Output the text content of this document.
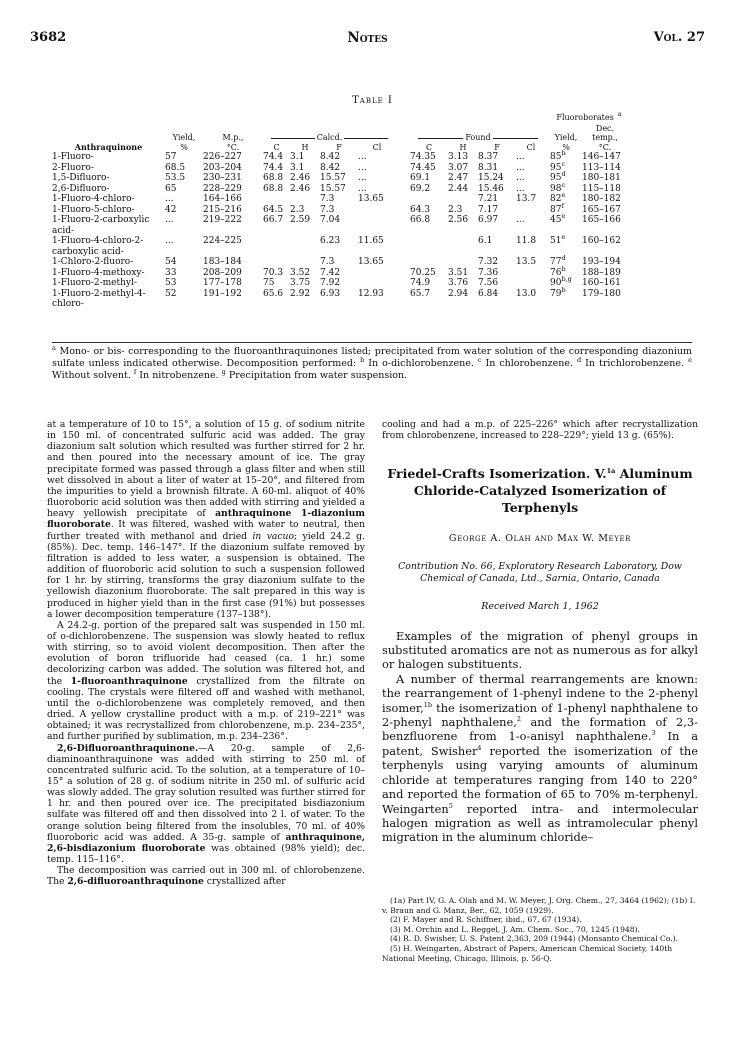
3682	Notes	Vol. 27
Table I

													Fluoroborates $^a$

														Dec.
	Yield,	M.p.,	Calcd.					Found					Yield,	temp.,
Anthraquinone	%	°C.	C	H	F	Cl		C	H	F	Cl		%	°C.
1-Fluoro-	57	226–227	74.4	3.1	8.42	...		74.35	3.13	8.37	...		85$^b$	146–147
2-Fluoro-	68.5	203–204	74.4	3.1	8.42	...		74.45	3.07	8.31	...		95$^c$	113–114
1,5-Difluoro-	53.5	230–231	68.8	2.46	15.57	...		69.1	2.47	15.24	...		95$^d$	180–181
2,6-Difluoro-	65	228–229	68.8	2.46	15.57	...		69.2	2.44	15.46	...		98$^c$	115–118
1-Fluoro-4-chloro-	...	164–166			7.3	13.65				7.21	13.7		82e	180–182
1-Fluoro-5-chloro-	42	215–216	64.5	2.3	7.3			64.3	2.3	7.17			87$^f$	165–167
1-Fluoro-2-carboxylic acid-	...	219–222	66.7	2.59	7.04			66.8	2.56	6.97	...		45e	165–166
1-Fluoro-4-chloro-2-carboxylic acid-	...	224–225			6.23	11.65				6.1	11.8		51e	160–162
1-Chloro-2-fluoro-	54	183–184			7.3	13.65				7.32	13.5		77$^d$	193–194
1-Fluoro-4-methoxy-	33	208–209	70.3	3.52	7.42			70.25	3.51	7.36			76$^b$	188–189
1-Fluoro-2-methyl-	53	177–178	75	3.75	7.92			74.9	3.76	7.56			90$^{b,g}$	160–161
1-Fluoro-2-methyl-4-chloro-	52	191–192	65.6	2.92	6.93	12.93		65.7	2.94	6.84	13.0		79$^b$	179–180
$^a$ Mono- or bis- corresponding to the fluoroanthraquinones listed; precipitated from water solution of the corresponding diazonium sulfate unless indicated otherwise. Decomposition performed: $^b$ In o-dichlorobenzene. $^c$ In chlorobenzene. $^d$ In trichlorobenzene. $^e$ Without solvent. $^f$ In nitrobenzene. $^g$ Precipitation from water suspension.

at a temperature of 10 to 15°, a solution of 15 g. of sodium nitrite in 150 ml. of concentrated sulfuric acid was added. The gray diazonium salt solution which resulted was further stirred for 2 hr. and then poured into the necessary amount of ice. The gray precipitate formed was passed through a glass filter and when still wet dissolved in about a liter of water at 15–20°, and filtered from the impurities to yield a brownish filtrate. A 60-ml. aliquot of 40% fluoroboric acid solution was then added with stirring and yielded a heavy yellowish precipitate of anthraquinone 1-diazonium fluoroborate. It was filtered, washed with water to neutral, then further treated with methanol and dried in vacuo; yield 24.2 g. (85%). Dec. temp. 146–147°. If the diazonium sulfate removed by filtration is added to less water, a suspension is obtained. The addition of fluoroboric acid solution to such a suspension followed for 1 hr. by stirring, transforms the gray diazonium sulfate to the yellowish diazonium fluoroborate. The salt prepared in this way is produced in higher yield than in the first case (91%) but possesses a lower decomposition temperature (137–138°).

A 24.2-g. portion of the prepared salt was suspended in 150 ml. of o-dichlorobenzene. The suspension was slowly heated to reflux with stirring, so to avoid violent decomposition. Then after the evolution of boron trifluoride had ceased (ca. 1 hr.) some decolorizing carbon was added. The solution was filtered hot, and the 1-fluoroanthraquinone crystallized from the filtrate on cooling. The crystals were filtered off and washed with methanol, until the o-dichlorobenzene was completely removed, and then dried. A yellow crystalline product with a m.p. of 219–221° was obtained; it was recrystallized from chlorobenzene, m.p. 234–235°, and further purified by sublimation, m.p. 234–236°.

2,6-Difluoroanthraquinone.—A 20-g. sample of 2,6-diaminoanthraquinone was added with stirring to 250 ml. of concentrated sulfuric acid. To the solution, at a temperature of 10–15° a solution of 28 g. of sodium nitrite in 250 ml. of sulfuric acid was slowly added. The gray solution resulted was further stirred for 1 hr. and then poured over ice. The precipitated bisdiazonium sulfate was filtered off and then dissolved into 2 l. of water. To the orange solution being filtered from the insolubles, 70 ml. of 40% fluoroboric acid was added. A 35-g. sample of anthraquinone, 2,6-bisdiazonium fluoroborate was obtained (98% yield); dec. temp. 115–116°.

The decomposition was carried out in 300 ml. of chlorobenzene. The 2,6-difluoroanthraquinone crystallized after

cooling and had a m.p. of 225–226° which after recrystallization from chlorobenzene, increased to 228–229°; yield 13 g. (65%).

Friedel-Crafts Isomerization. V.$^{1a}$ Aluminum Chloride-Catalyzed Isomerization of Terphenyls
George A. Olah and Max W. Meyer
Contribution No. 66, Exploratory Research Laboratory, Dow Chemical of Canada, Ltd., Sarnia, Ontario, Canada
Received March 1, 1962

Examples of the migration of phenyl groups in substituted aromatics are not as numerous as for alkyl or halogen substituents.

A number of thermal rearrangements are known: the rearrangement of 1-phenyl indene to the 2-phenyl isomer,$^{1b}$ the isomerization of 1-phenyl naphthalene to 2-phenyl naphthalene,$^2$ and the formation of 2,3-benzfluorene from 1-o-anisyl naphthalene.$^3$ In a patent, Swisher$^4$ reported the isomerization of the terphenyls using varying amounts of aluminum chloride at temperatures ranging from 140 to 220° and reported the formation of 65 to 70% m-terphenyl. Weingarten$^5$ reported intra- and intermolecular halogen migration as well as intramolecular phenyl migration in the aluminum chloride–

(1a) Part IV, G. A. Olah and M. W. Meyer, J. Org. Chem., 27, 3464 (1962); (1b) I. v. Braun and G. Manz, Ber., 62, 1059 (1929).
(2) F. Mayer and R. Schiffner, ibid., 67, 67 (1934).
(3) M. Orchin and L. Reggel, J. Am. Chem. Soc., 70, 1245 (1948).
(4) R. D. Swisher, U. S. Patent 2,363, 209 (1944) (Monsanto Chemical Co.).
(5) H. Weingarten, Abstract of Papers, American Chemical Society, 140th National Meeting, Chicago, Illinois, p. 56-Q.
